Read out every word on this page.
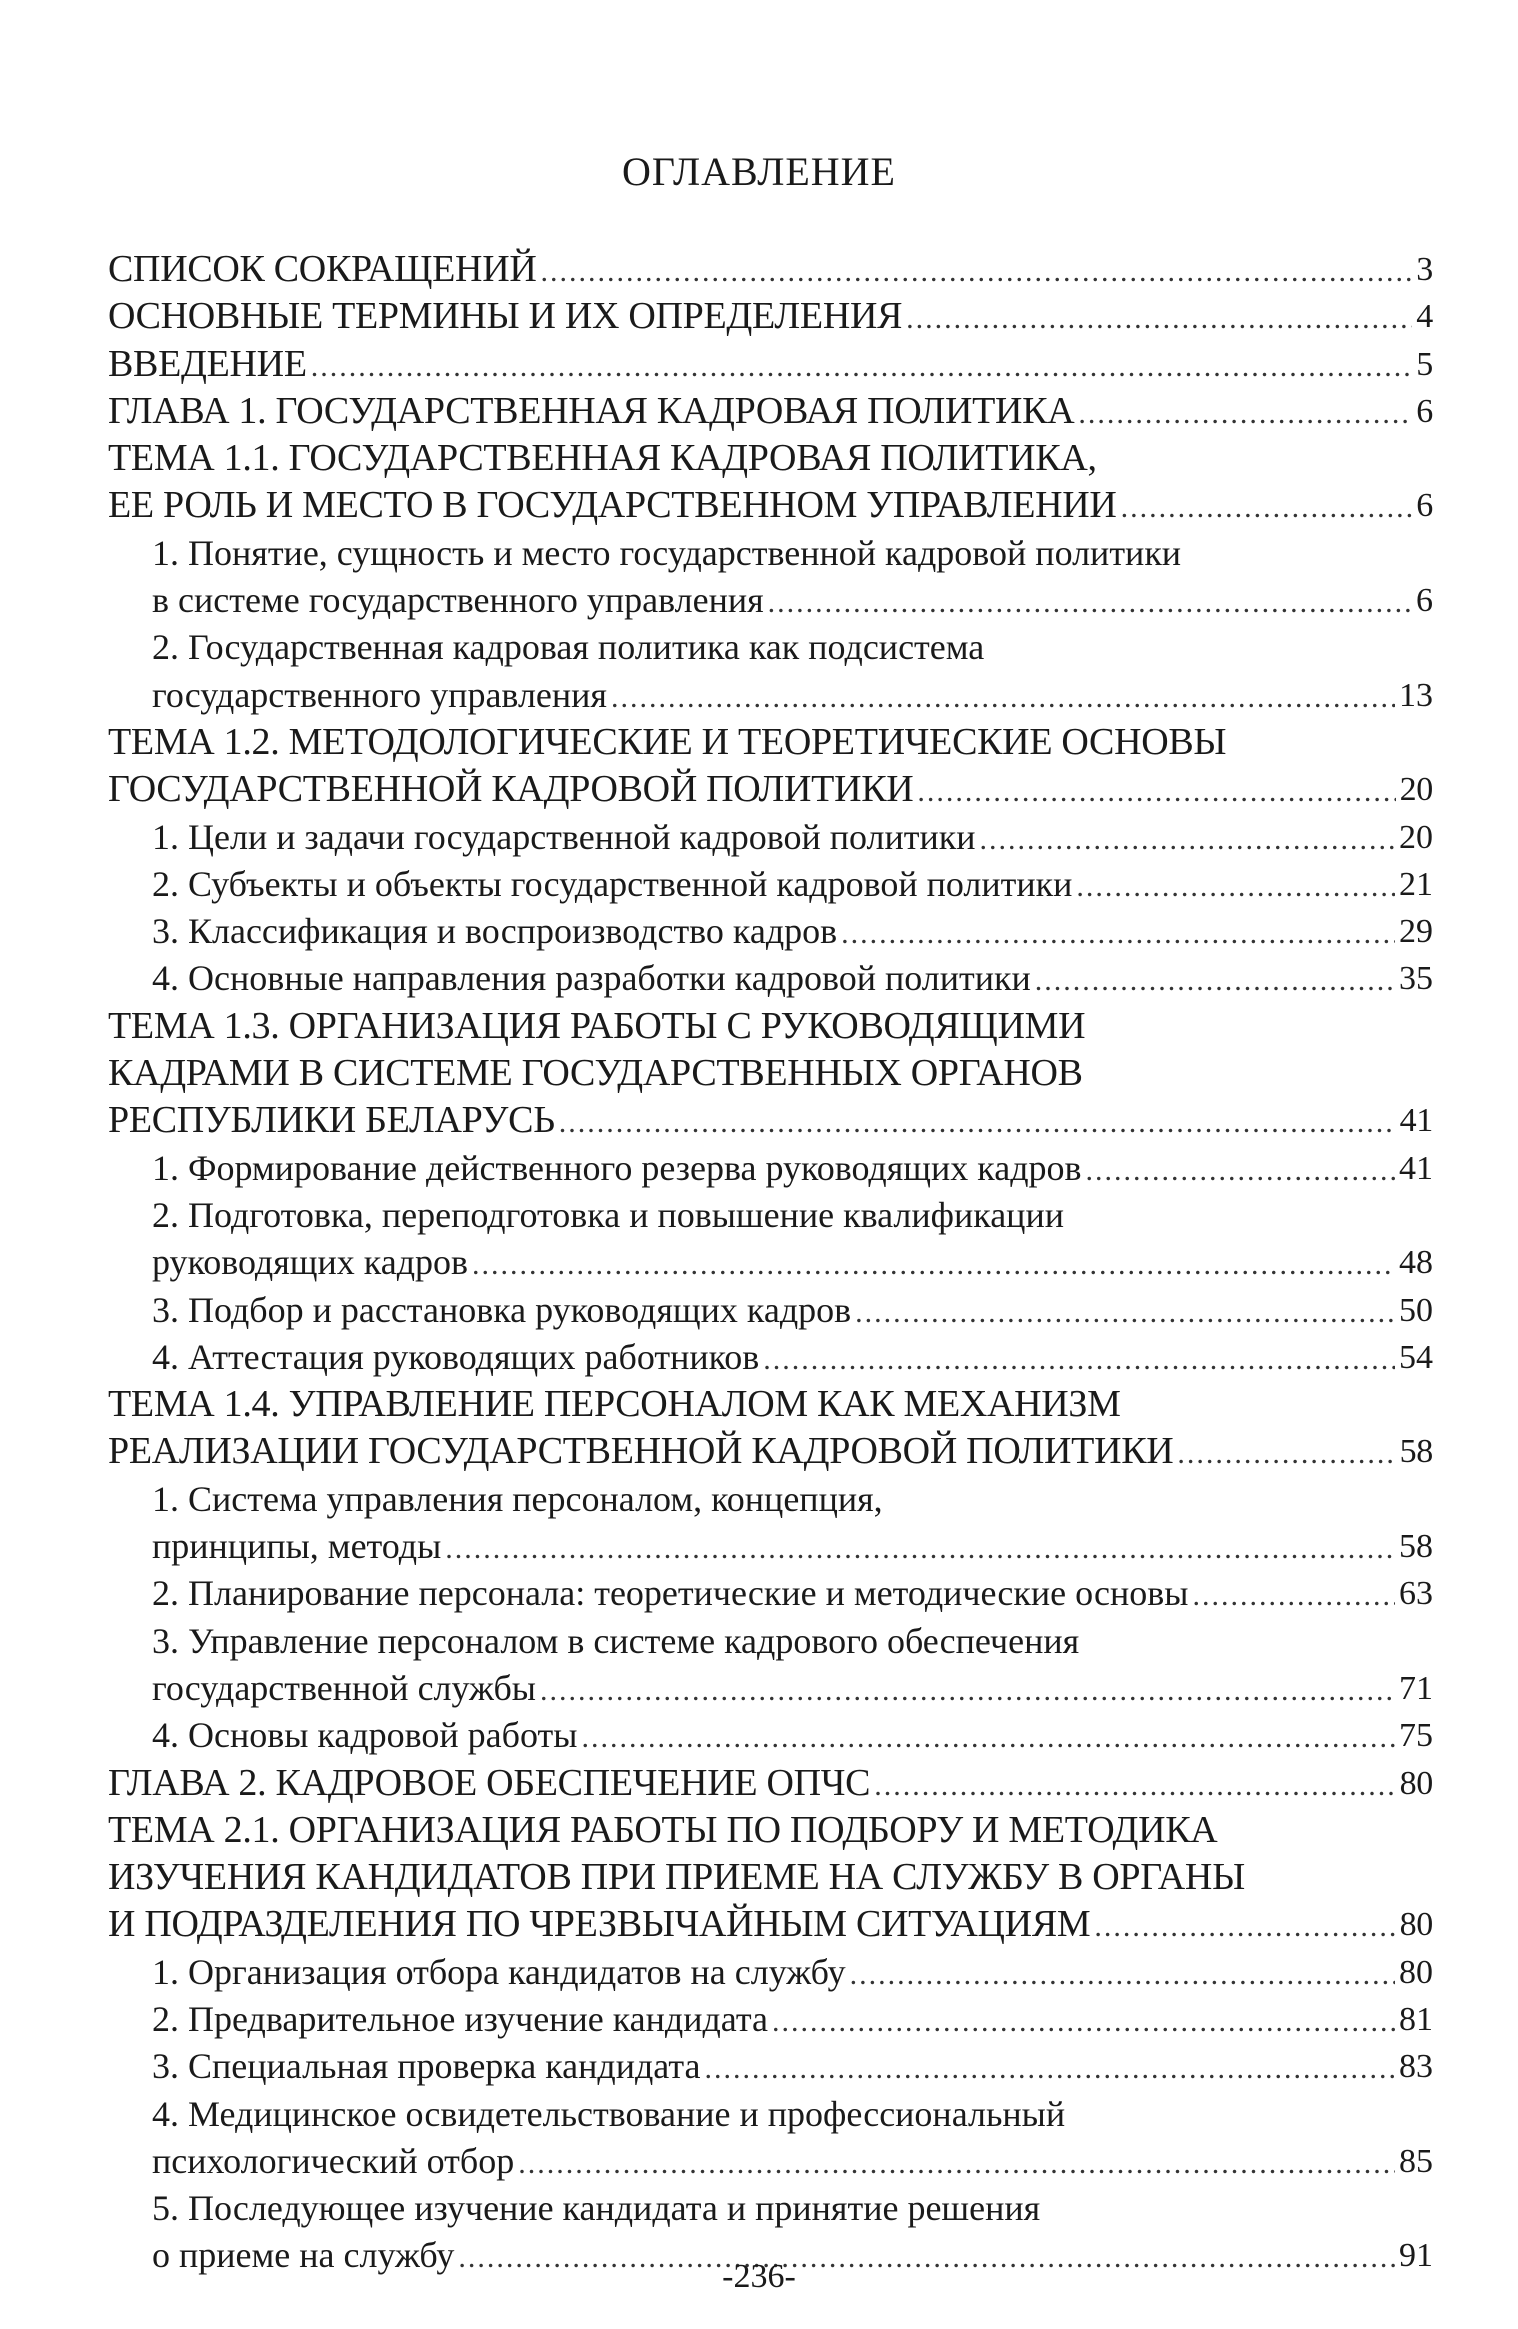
ОГЛАВЛЕНИЕ
СПИСОК СОКРАЩЕНИЙ .....	3
ОСНОВНЫЕ ТЕРМИНЫ И ИХ ОПРЕДЕЛЕНИЯ .....	4
ВВЕДЕНИЕ .....	5
ГЛАВА 1. ГОСУДАРСТВЕННАЯ КАДРОВАЯ ПОЛИТИКА .....	6
ТЕМА 1.1. ГОСУДАРСТВЕННАЯ КАДРОВАЯ ПОЛИТИКА,
ЕЕ РОЛЬ И МЕСТО В ГОСУДАРСТВЕННОМ УПРАВЛЕНИИ .....	6
1. Понятие, сущность и место государственной кадровой политики
в системе государственного управления .....	6
2. Государственная кадровая политика как подсистема
государственного управления .....	13
ТЕМА 1.2. МЕТОДОЛОГИЧЕСКИЕ И ТЕОРЕТИЧЕСКИЕ ОСНОВЫ
ГОСУДАРСТВЕННОЙ КАДРОВОЙ ПОЛИТИКИ .....	20
1. Цели и задачи государственной кадровой политики .....	20
2. Субъекты и объекты государственной кадровой политики .....	21
3. Классификация и воспроизводство кадров .....	29
4. Основные направления разработки кадровой политики .....	35
ТЕМА 1.3. ОРГАНИЗАЦИЯ РАБОТЫ С РУКОВОДЯЩИМИ
КАДРАМИ В СИСТЕМЕ ГОСУДАРСТВЕННЫХ ОРГАНОВ
РЕСПУБЛИКИ БЕЛАРУСЬ .....	41
1. Формирование действенного резерва руководящих кадров .....	41
2. Подготовка, переподготовка и повышение квалификации
руководящих кадров .....	48
3. Подбор и расстановка руководящих кадров .....	50
4. Аттестация руководящих работников .....	54
ТЕМА 1.4. УПРАВЛЕНИЕ ПЕРСОНАЛОМ КАК МЕХАНИЗМ
РЕАЛИЗАЦИИ ГОСУДАРСТВЕННОЙ КАДРОВОЙ ПОЛИТИКИ .....	58
1. Система управления персоналом, концепция,
принципы, методы .....	58
2. Планирование персонала: теоретические и методические основы .....	63
3. Управление персоналом в системе кадрового обеспечения
государственной службы .....	71
4. Основы кадровой работы .....	75
ГЛАВА 2. КАДРОВОЕ ОБЕСПЕЧЕНИЕ ОПЧС .....	80
ТЕМА 2.1. ОРГАНИЗАЦИЯ РАБОТЫ ПО ПОДБОРУ И МЕТОДИКА
ИЗУЧЕНИЯ КАНДИДАТОВ ПРИ ПРИЕМЕ НА СЛУЖБУ В ОРГАНЫ
И ПОДРАЗДЕЛЕНИЯ ПО ЧРЕЗВЫЧАЙНЫМ СИТУАЦИЯМ .....	80
1. Организация отбора кандидатов на службу .....	80
2. Предварительное изучение кандидата .....	81
3. Специальная проверка кандидата .....	83
4. Медицинское освидетельствование и профессиональный
психологический отбор .....	85
5. Последующее изучение кандидата и принятие решения
о приеме на службу .....	91
-236-
